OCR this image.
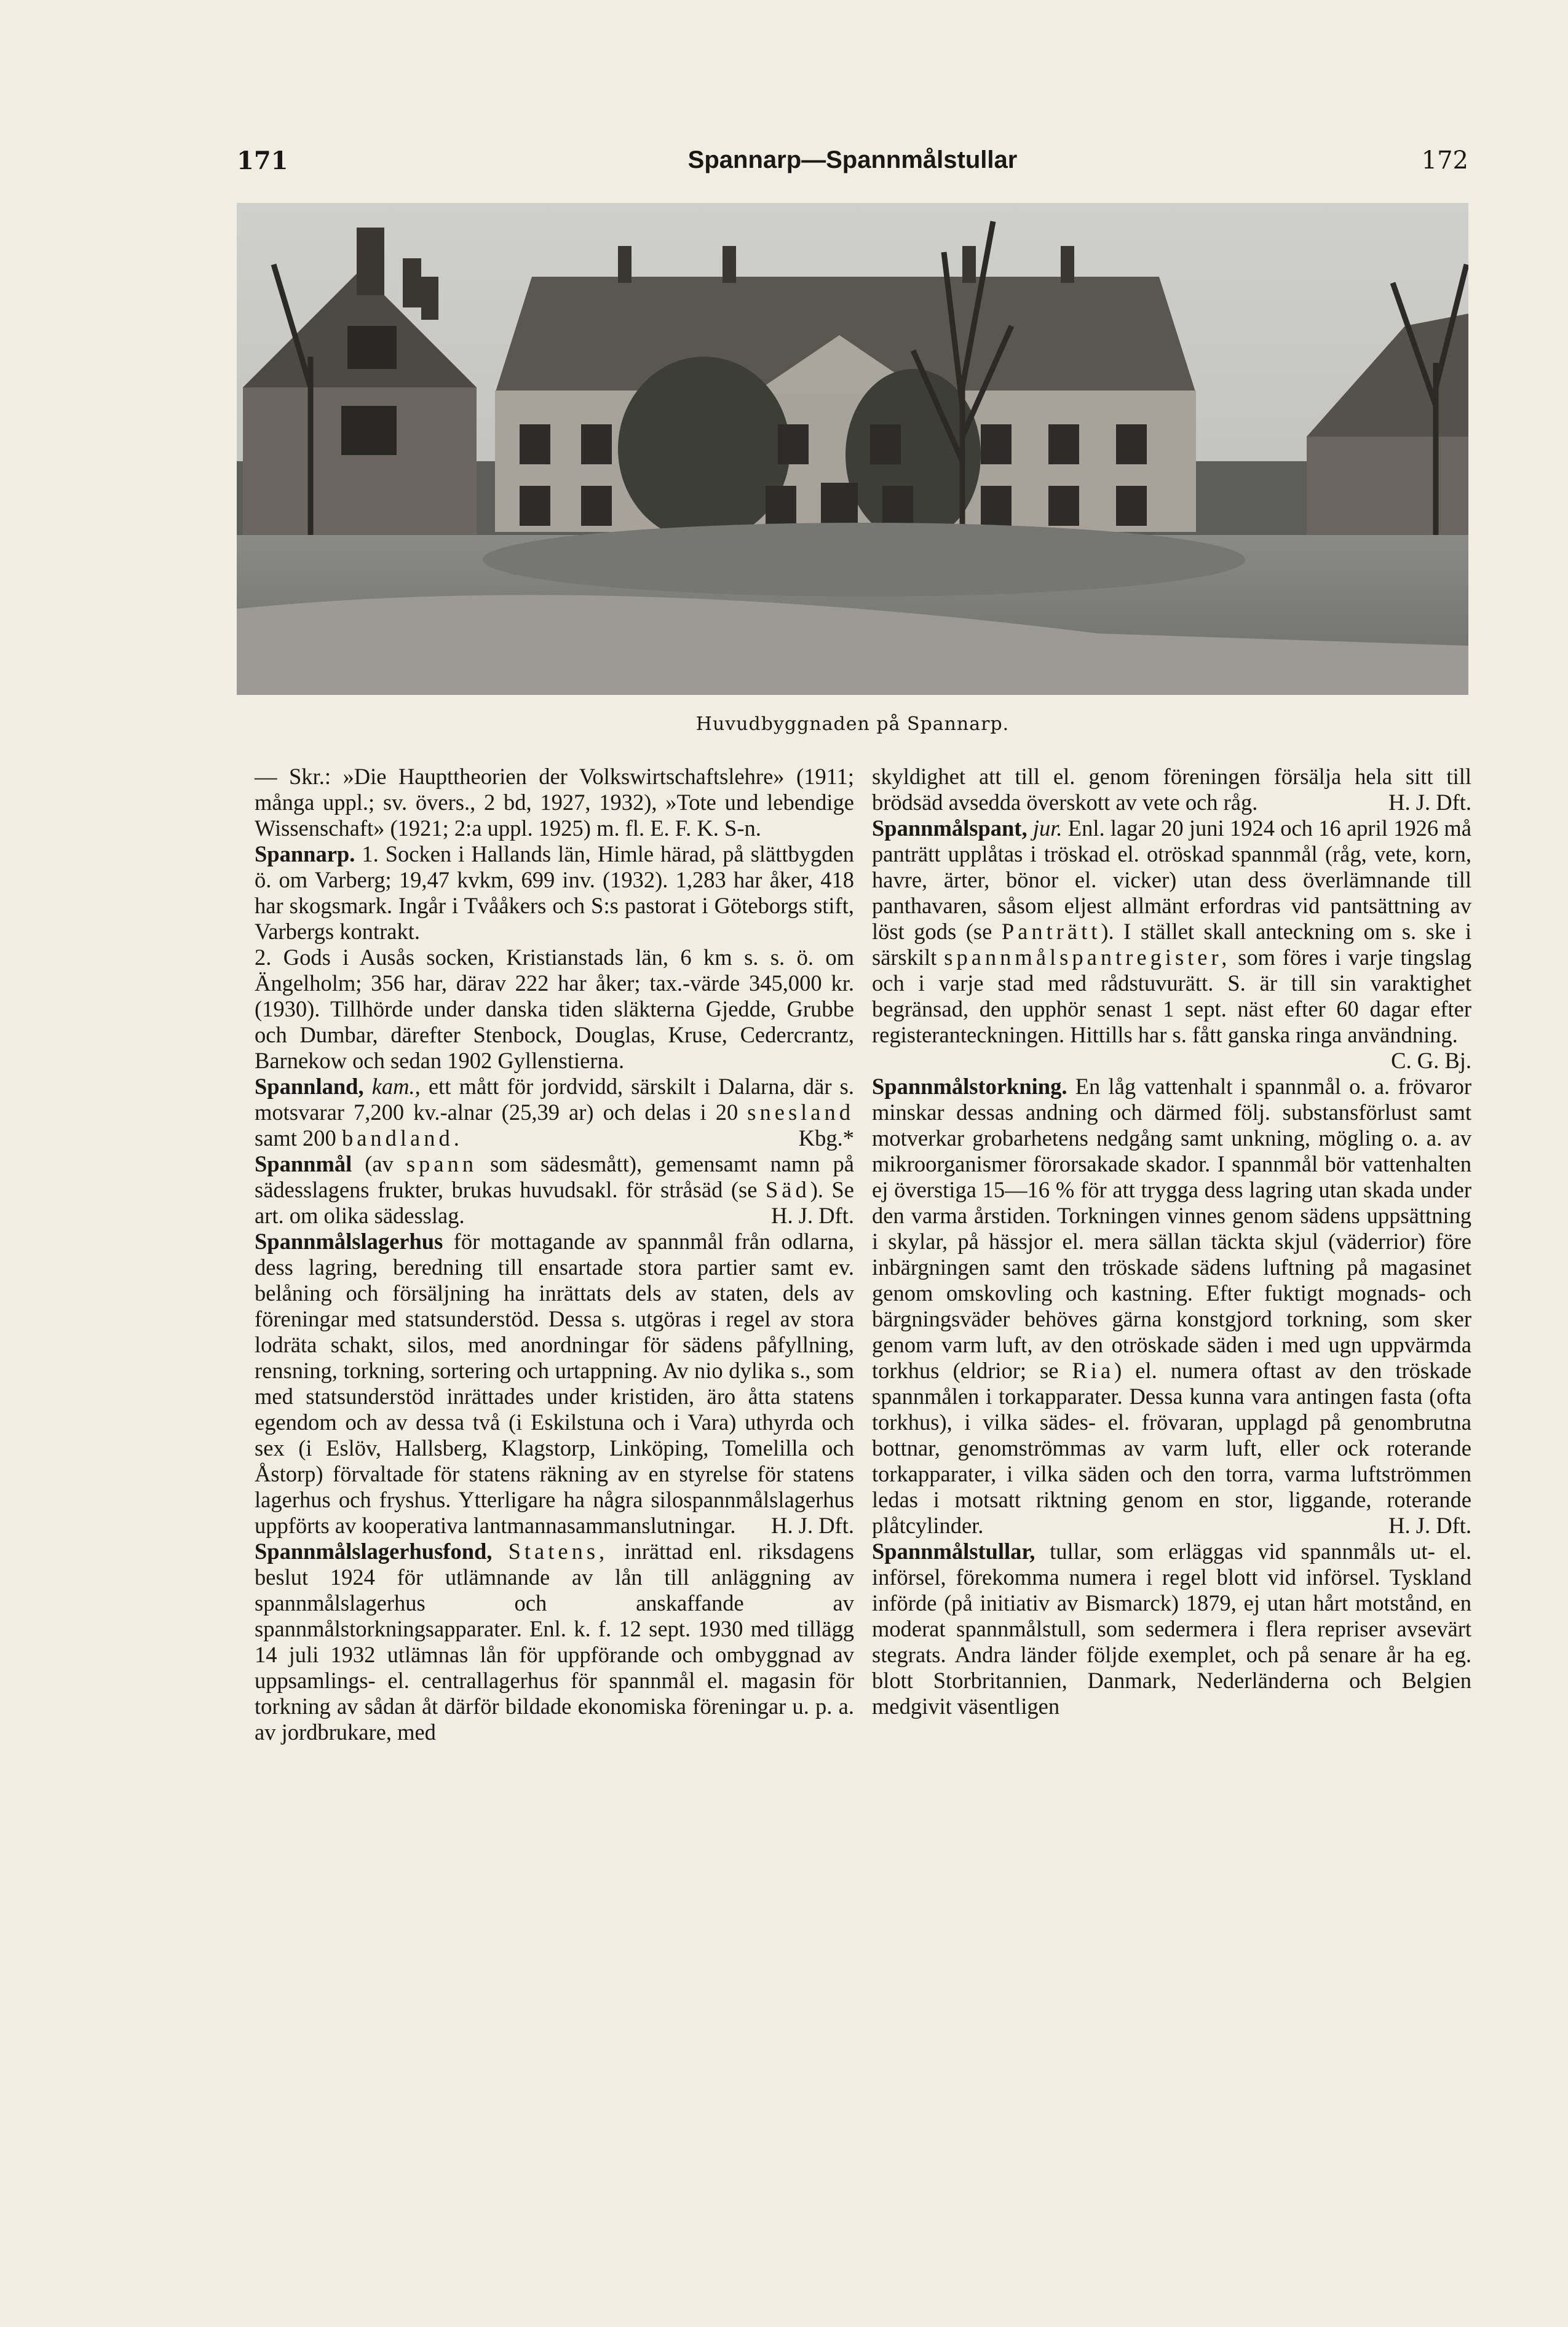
171	Spannarp—Spannmålstullar	172
Huvudbyggnaden på Spannarp.

— Skr.: »Die Haupttheorien der Volkswirtschaftslehre» (1911; många uppl.; sv. övers., 2 bd, 1927, 1932), »Tote und lebendige Wissenschaft» (1921; 2:a uppl. 1925) m. fl. E. F. K. S-n.

Spannarp. 1. Socken i Hallands län, Himle härad, på slättbygden ö. om Varberg; 19,47 kvkm, 699 inv. (1932). 1,283 har åker, 418 har skogsmark. Ingår i Tvååkers och S:s pastorat i Göteborgs stift, Varbergs kontrakt.

2. Gods i Ausås socken, Kristianstads län, 6 km s. s. ö. om Ängelholm; 356 har, därav 222 har åker; tax.-värde 345,000 kr. (1930). Tillhörde under danska tiden släkterna Gjedde, Grubbe och Dumbar, därefter Stenbock, Douglas, Kruse, Cedercrantz, Barnekow och sedan 1902 Gyllenstierna.

Spannland, kam., ett mått för jordvidd, särskilt i Dalarna, där s. motsvarar 7,200 kv.-alnar (25,39 ar) och delas i 20 snesland samt 200 bandland.	Kbg.*

Spannmål (av spann som sädesmått), gemensamt namn på sädesslagens frukter, brukas huvudsakl. för stråsäd (se Säd). Se art. om olika sädesslag.	H. J. Dft.

Spannmålslagerhus för mottagande av spannmål från odlarna, dess lagring, beredning till ensartade stora partier samt ev. belåning och försäljning ha inrättats dels av staten, dels av föreningar med statsunderstöd. Dessa s. utgöras i regel av stora lodräta schakt, silos, med anordningar för sädens påfyllning, rensning, torkning, sortering och urtappning. Av nio dylika s., som med statsunderstöd inrättades under kristiden, äro åtta statens egendom och av dessa två (i Eskilstuna och i Vara) uthyrda och sex (i Eslöv, Hallsberg, Klagstorp, Linköping, Tomelilla och Åstorp) förvaltade för statens räkning av en styrelse för statens lagerhus och fryshus. Ytterligare ha några silospannmålslagerhus uppförts av kooperativa lantmannasammanslutningar. H. J. Dft.

Spannmålslagerhusfond, Statens, inrättad enl. riksdagens beslut 1924 för utlämnande av lån till anläggning av spannmålslagerhus och anskaffande av spannmålstorkningsapparater. Enl. k. f. 12 sept. 1930 med tillägg 14 juli 1932 utlämnas lån för uppförande och ombyggnad av uppsamlings- el. centrallagerhus för spannmål el. magasin för torkning av sådan åt därför bildade ekonomiska föreningar u. p. a. av jordbrukare, med

skyldighet att till el. genom föreningen försälja hela sitt till brödsäd avsedda överskott av vete och råg.	H. J. Dft.

Spannmålspant, jur. Enl. lagar 20 juni 1924 och 16 april 1926 må panträtt upplåtas i tröskad el. otröskad spannmål (råg, vete, korn, havre, ärter, bönor el. vicker) utan dess överlämnande till panthavaren, såsom eljest allmänt erfordras vid pantsättning av löst gods (se Panträtt). I stället skall anteckning om s. ske i särskilt spannmålspantregister, som föres i varje tingslag och i varje stad med rådstuvurätt. S. är till sin varaktighet begränsad, den upphör senast 1 sept. näst efter 60 dagar efter registeranteckningen. Hittills har s. fått ganska ringa användning.
C. G. Bj.

Spannmålstorkning. En låg vattenhalt i spannmål o. a. frövaror minskar dessas andning och därmed följ. substansförlust samt motverkar grobarhetens nedgång samt unkning, mögling o. a. av mikroorganismer förorsakade skador. I spannmål bör vattenhalten ej överstiga 15—16 % för att trygga dess lagring utan skada under den varma årstiden. Torkningen vinnes genom sädens uppsättning i skylar, på hässjor el. mera sällan täckta skjul (väderrior) före inbärgningen samt den tröskade sädens luftning på magasinet genom omskovling och kastning. Efter fuktigt mognads- och bärgningsväder behöves gärna konstgjord torkning, som sker genom varm luft, av den otröskade säden i med ugn uppvärmda torkhus (eldrior; se Ria) el. numera oftast av den tröskade spannmålen i torkapparater. Dessa kunna vara antingen fasta (ofta torkhus), i vilka sädes- el. frövaran, upplagd på genombrutna bottnar, genomströmmas av varm luft, eller ock roterande torkapparater, i vilka säden och den torra, varma luftströmmen ledas i motsatt riktning genom en stor, liggande, roterande plåtcylinder.	H. J. Dft.

Spannmålstullar, tullar, som erläggas vid spannmåls ut- el. införsel, förekomma numera i regel blott vid införsel. Tyskland införde (på initiativ av Bismarck) 1879, ej utan hårt motstånd, en moderat spannmålstull, som sedermera i flera repriser avsevärt stegrats. Andra länder följde exemplet, och på senare år ha eg. blott Storbritannien, Danmark, Nederländerna och Belgien medgivit väsentligen
